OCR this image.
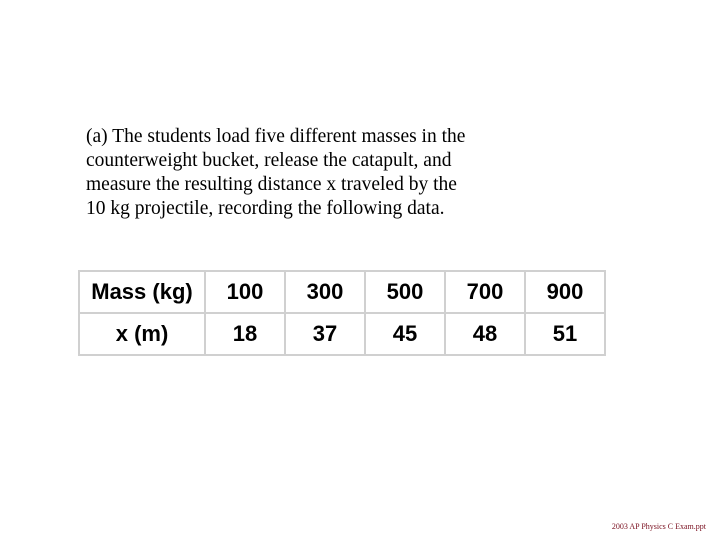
(a) The students load five different masses in the
counterweight bucket, release the catapult, and
measure the resulting distance x traveled by the
10 kg projectile, recording the following data.

Mass (kg)	100	300	500	700	900
x (m)	18	37	45	48	51
2003 AP Physics C Exam.ppt
